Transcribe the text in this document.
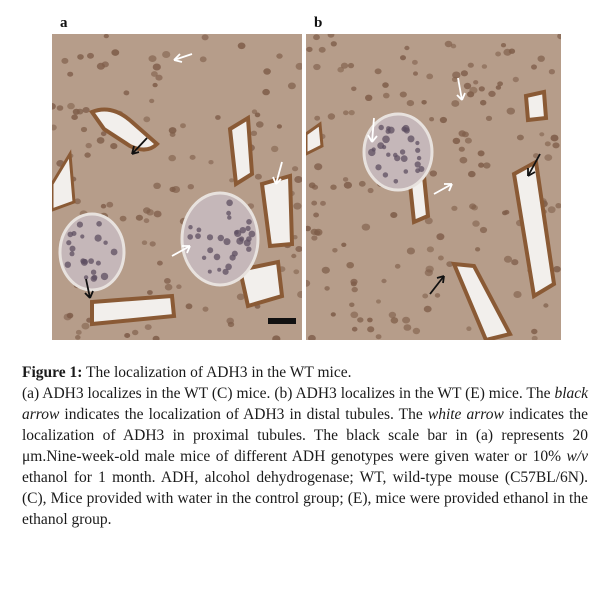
a	b
Figure 1: The localization of ADH3 in the WT mice.

(a) ADH3 localizes in the WT (C) mice. (b) ADH3 localizes in the WT (E) mice. The black arrow indicates the localization of ADH3 in distal tubules. The white arrow indicates the localization of ADH3 in proximal tubules. The black scale bar in (a) represents 20 μm.Nine-week-old male mice of different ADH genotypes were given water or 10% w/v ethanol for 1 month. ADH, alcohol dehydrogenase; WT, wild-type mouse (C57BL/6N). (C), Mice provided with water in the control group; (E), mice were provided ethanol in the ethanol group.
